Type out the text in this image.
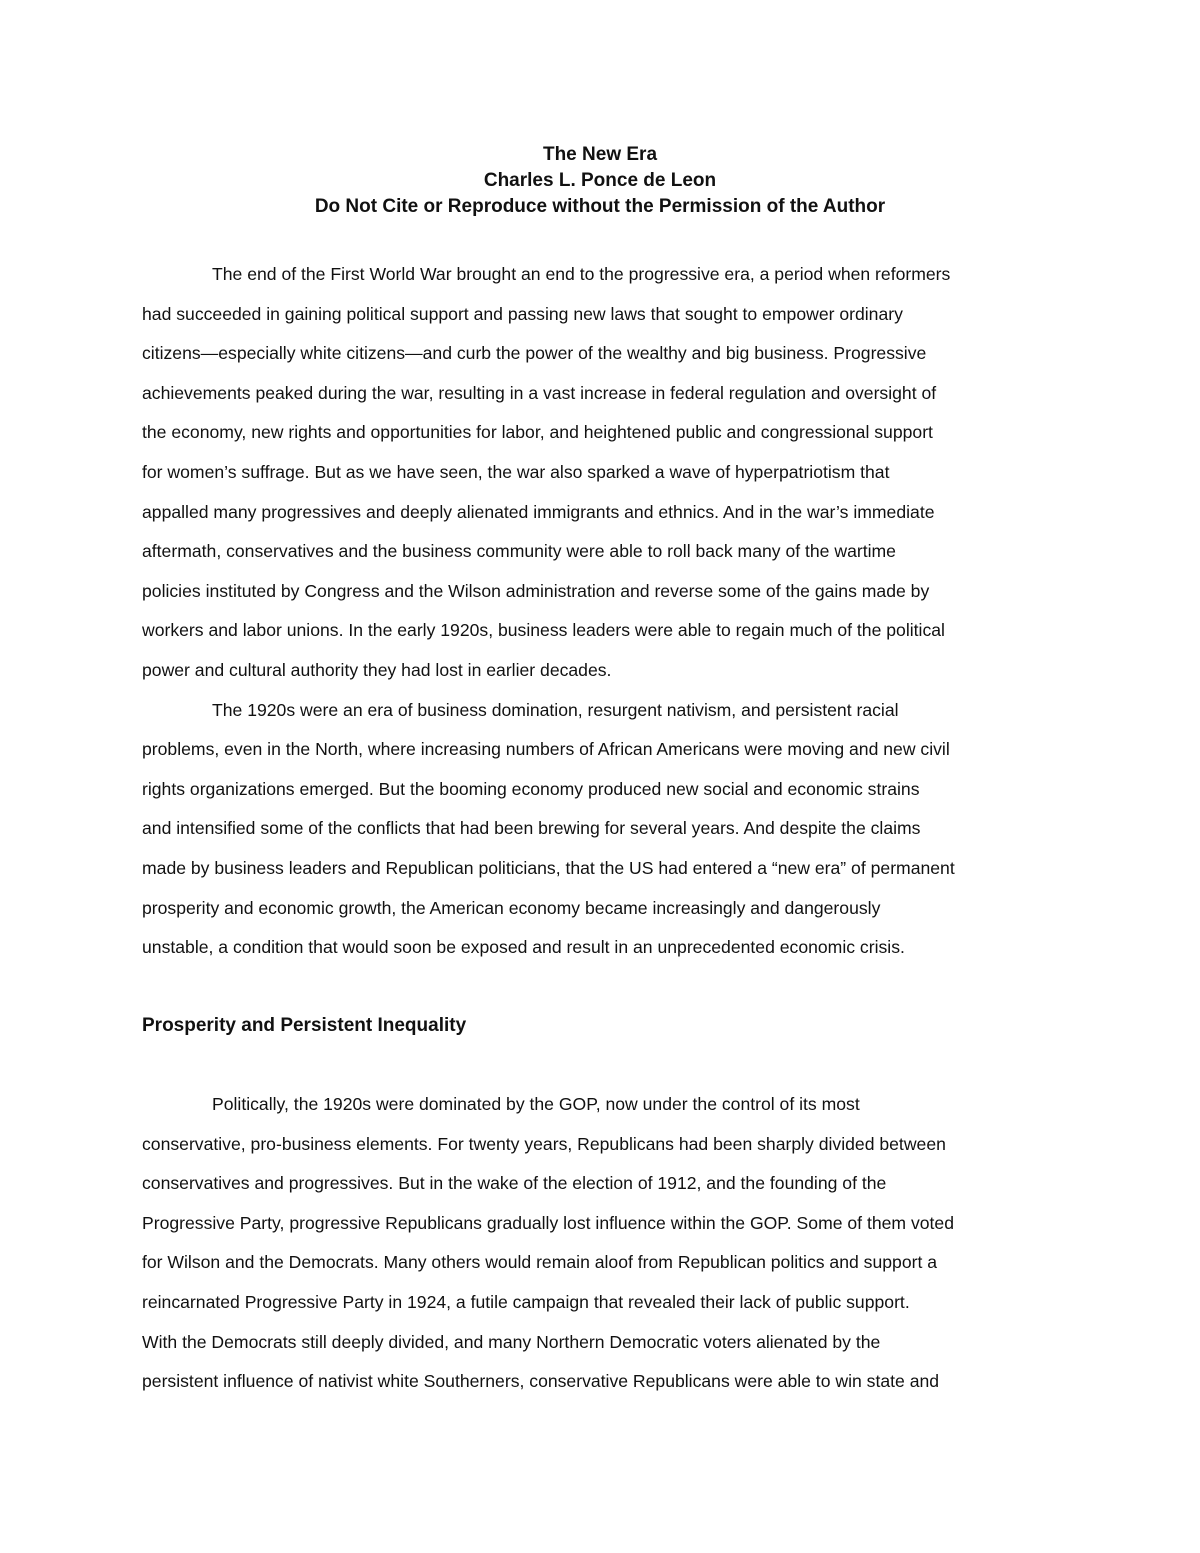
The New Era
Charles L. Ponce de Leon
Do Not Cite or Reproduce without the Permission of the Author
The end of the First World War brought an end to the progressive era, a period when reformers
had succeeded in gaining political support and passing new laws that sought to empower ordinary
citizens—especially white citizens—and curb the power of the wealthy and big business. Progressive
achievements peaked during the war, resulting in a vast increase in federal regulation and oversight of
the economy, new rights and opportunities for labor, and heightened public and congressional support
for women’s suffrage. But as we have seen, the war also sparked a wave of hyperpatriotism that
appalled many progressives and deeply alienated immigrants and ethnics. And in the war’s immediate
aftermath, conservatives and the business community were able to roll back many of the wartime
policies instituted by Congress and the Wilson administration and reverse some of the gains made by
workers and labor unions. In the early 1920s, business leaders were able to regain much of the political
power and cultural authority they had lost in earlier decades.
The 1920s were an era of business domination, resurgent nativism, and persistent racial
problems, even in the North, where increasing numbers of African Americans were moving and new civil
rights organizations emerged. But the booming economy produced new social and economic strains
and intensified some of the conflicts that had been brewing for several years. And despite the claims
made by business leaders and Republican politicians, that the US had entered a “new era” of permanent
prosperity and economic growth, the American economy became increasingly and dangerously
unstable, a condition that would soon be exposed and result in an unprecedented economic crisis.
Prosperity and Persistent Inequality
Politically, the 1920s were dominated by the GOP, now under the control of its most
conservative, pro-business elements. For twenty years, Republicans had been sharply divided between
conservatives and progressives. But in the wake of the election of 1912, and the founding of the
Progressive Party, progressive Republicans gradually lost influence within the GOP. Some of them voted
for Wilson and the Democrats. Many others would remain aloof from Republican politics and support a
reincarnated Progressive Party in 1924, a futile campaign that revealed their lack of public support.
With the Democrats still deeply divided, and many Northern Democratic voters alienated by the
persistent influence of nativist white Southerners, conservative Republicans were able to win state and
